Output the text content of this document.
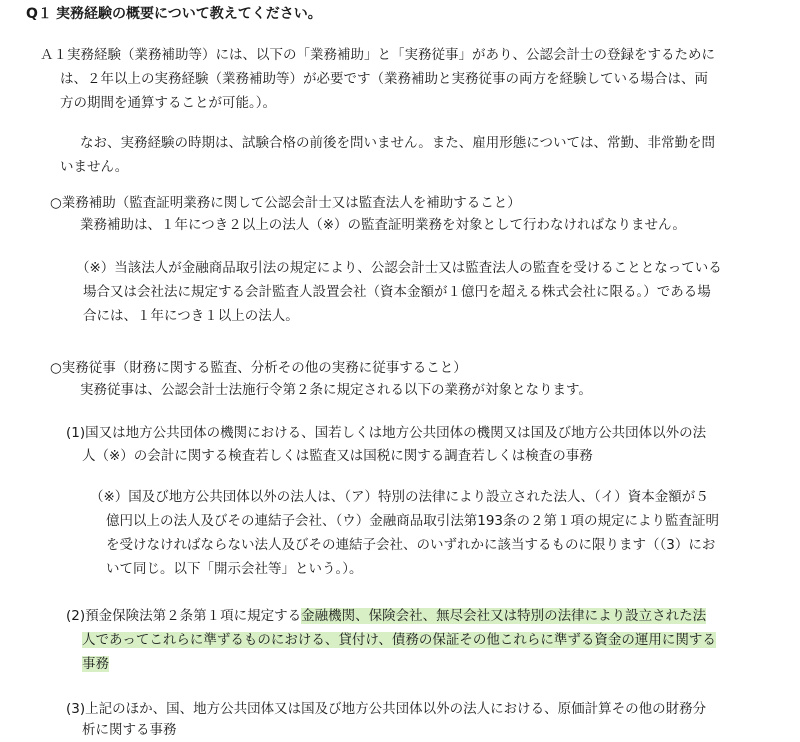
Q１ 実務経験の概要について教えてください。
Ａ１実務経験（業務補助等）には、以下の「業務補助」と「実務従事」があり、公認会計士の登録をするために
は、２年以上の実務経験（業務補助等）が必要です（業務補助と実務従事の両方を経験している場合は、両
方の期間を通算することが可能。）。
なお、実務経験の時期は、試験合格の前後を問いません。また、雇用形態については、常勤、非常勤を問
いません。
○業務補助（監査証明業務に関して公認会計士又は監査法人を補助すること）
業務補助は、１年につき２以上の法人（※）の監査証明業務を対象として行わなければなりません。
（※）当該法人が金融商品取引法の規定により、公認会計士又は監査法人の監査を受けることとなっている
場合又は会社法に規定する会計監査人設置会社（資本金額が１億円を超える株式会社に限る。）である場
合には、１年につき１以上の法人。
○実務従事（財務に関する監査、分析その他の実務に従事すること）
実務従事は、公認会計士法施行令第２条に規定される以下の業務が対象となります。
(1)国又は地方公共団体の機関における、国若しくは地方公共団体の機関又は国及び地方公共団体以外の法
人（※）の会計に関する検査若しくは監査又は国税に関する調査若しくは検査の事務
（※）国及び地方公共団体以外の法人は、（ア）特別の法律により設立された法人、（イ）資本金額が５
億円以上の法人及びその連結子会社、（ウ）金融商品取引法第193条の２第１項の規定により監査証明
を受けなければならない法人及びその連結子会社、のいずれかに該当するものに限ります（（3）にお
いて同じ。以下「開示会社等」という。）。
(2)預金保険法第２条第１項に規定する金融機関、保険会社、無尽会社又は特別の法律により設立された法
人であってこれらに準ずるものにおける、貸付け、債務の保証その他これらに準ずる資金の運用に関する
事務
(3)上記のほか、国、地方公共団体又は国及び地方公共団体以外の法人における、原価計算その他の財務分
析に関する事務
